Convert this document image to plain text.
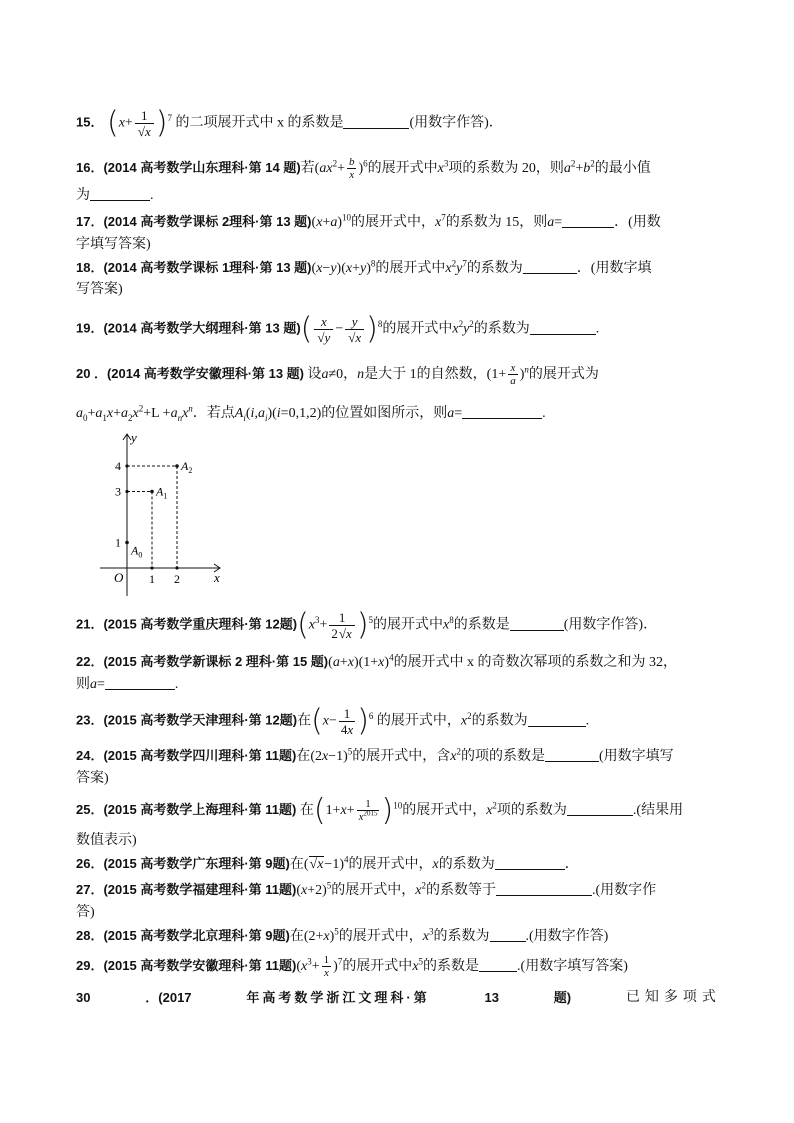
15． (x+ 1
√ x )$^7$ 的二项展开式中 x 的系数是	(用数字作答)．
16．(2014 高考数学山东理科·第 14 题)若$(ax^2+ \frac{b}{x} )^6$的展开式中$x^3$项的系数为 20，则$a^2+b^2$的最小值
为	.
17．(2014 高考数学课标 2理科·第 13 题)$(x+a)^{10}$的展开式中，$x^7$的系数为 15，则a=	．(用数
字填写答案)
18．(2014 高考数学课标 1理科·第 13 题)$(x-y)(x+y)^8$的展开式中$x^2y^7$的系数为	．(用数字填
写答案)
19．(2014 高考数学大纲理科·第 13 题)( x
√ y − y
√ x )$^8$的展开式中$x^2y^2$的系数为	.
20 ．(2014 高考数学安徽理科·第 13 题) 设a≠0，n是大于 1的自然数，$(1+ \frac{x}{a} )^n$的展开式为
$a_0+a_1x+a_2x^2+L +a_nx^n$．若点$A_i(i,a_i)(i=0,1,2)$的位置如图所示，则a=	.
1
3
4
1 2
$A_0$
$A_1$
$A_2$
y
x
O
21．(2015 高考数学重庆理科·第 12题)$(x^3+ \frac{1}{2 √ x} )^5$的展开式中$x^8$的系数是	(用数字作答)．
22．(2015 高考数学新课标 2 理科·第 15 题)$(a+x)(1+x)^4$的展开式中 x 的奇数次幂项的系数之和为 32，
则a=	.
23．(2015 高考数学天津理科·第 12题)在$(x- \frac{1}{4x} )^6$ 的展开式中，$x^2$的系数为	.
24．(2015 高考数学四川理科·第 11题)在$(2x-1)^5$的展开式中，含$x^2$的项的系数是	(用数字填写
答案)
25．(2015 高考数学上海理科·第 11题) 在$(1+x+ \frac{1}{x^{2015}} )^{10}$的展开式中，$x^2$项的系数为	.(结果用
数值表示)
26．(2015 高考数学广东理科·第 9题)在( √ x−1)$^4$的展开式中，x的系数为	．
27．(2015 高考数学福建理科·第 11题)$(x+2)^5$的展开式中，$x^2$的系数等于	.(用数字作
答)
28．(2015 高考数学北京理科·第 9题)在$(2+x)^5$的展开式中，$x^3$的系数为	.(用数字作答)
29．(2015 高考数学安徽理科·第 11题)$(x^3+ \frac{1}{x} )^7$的展开式中$x^5$的系数是	.(用数字填写答案)
30	．(2017	年高考数学浙江文理科·第	13	题)	已知多项式
